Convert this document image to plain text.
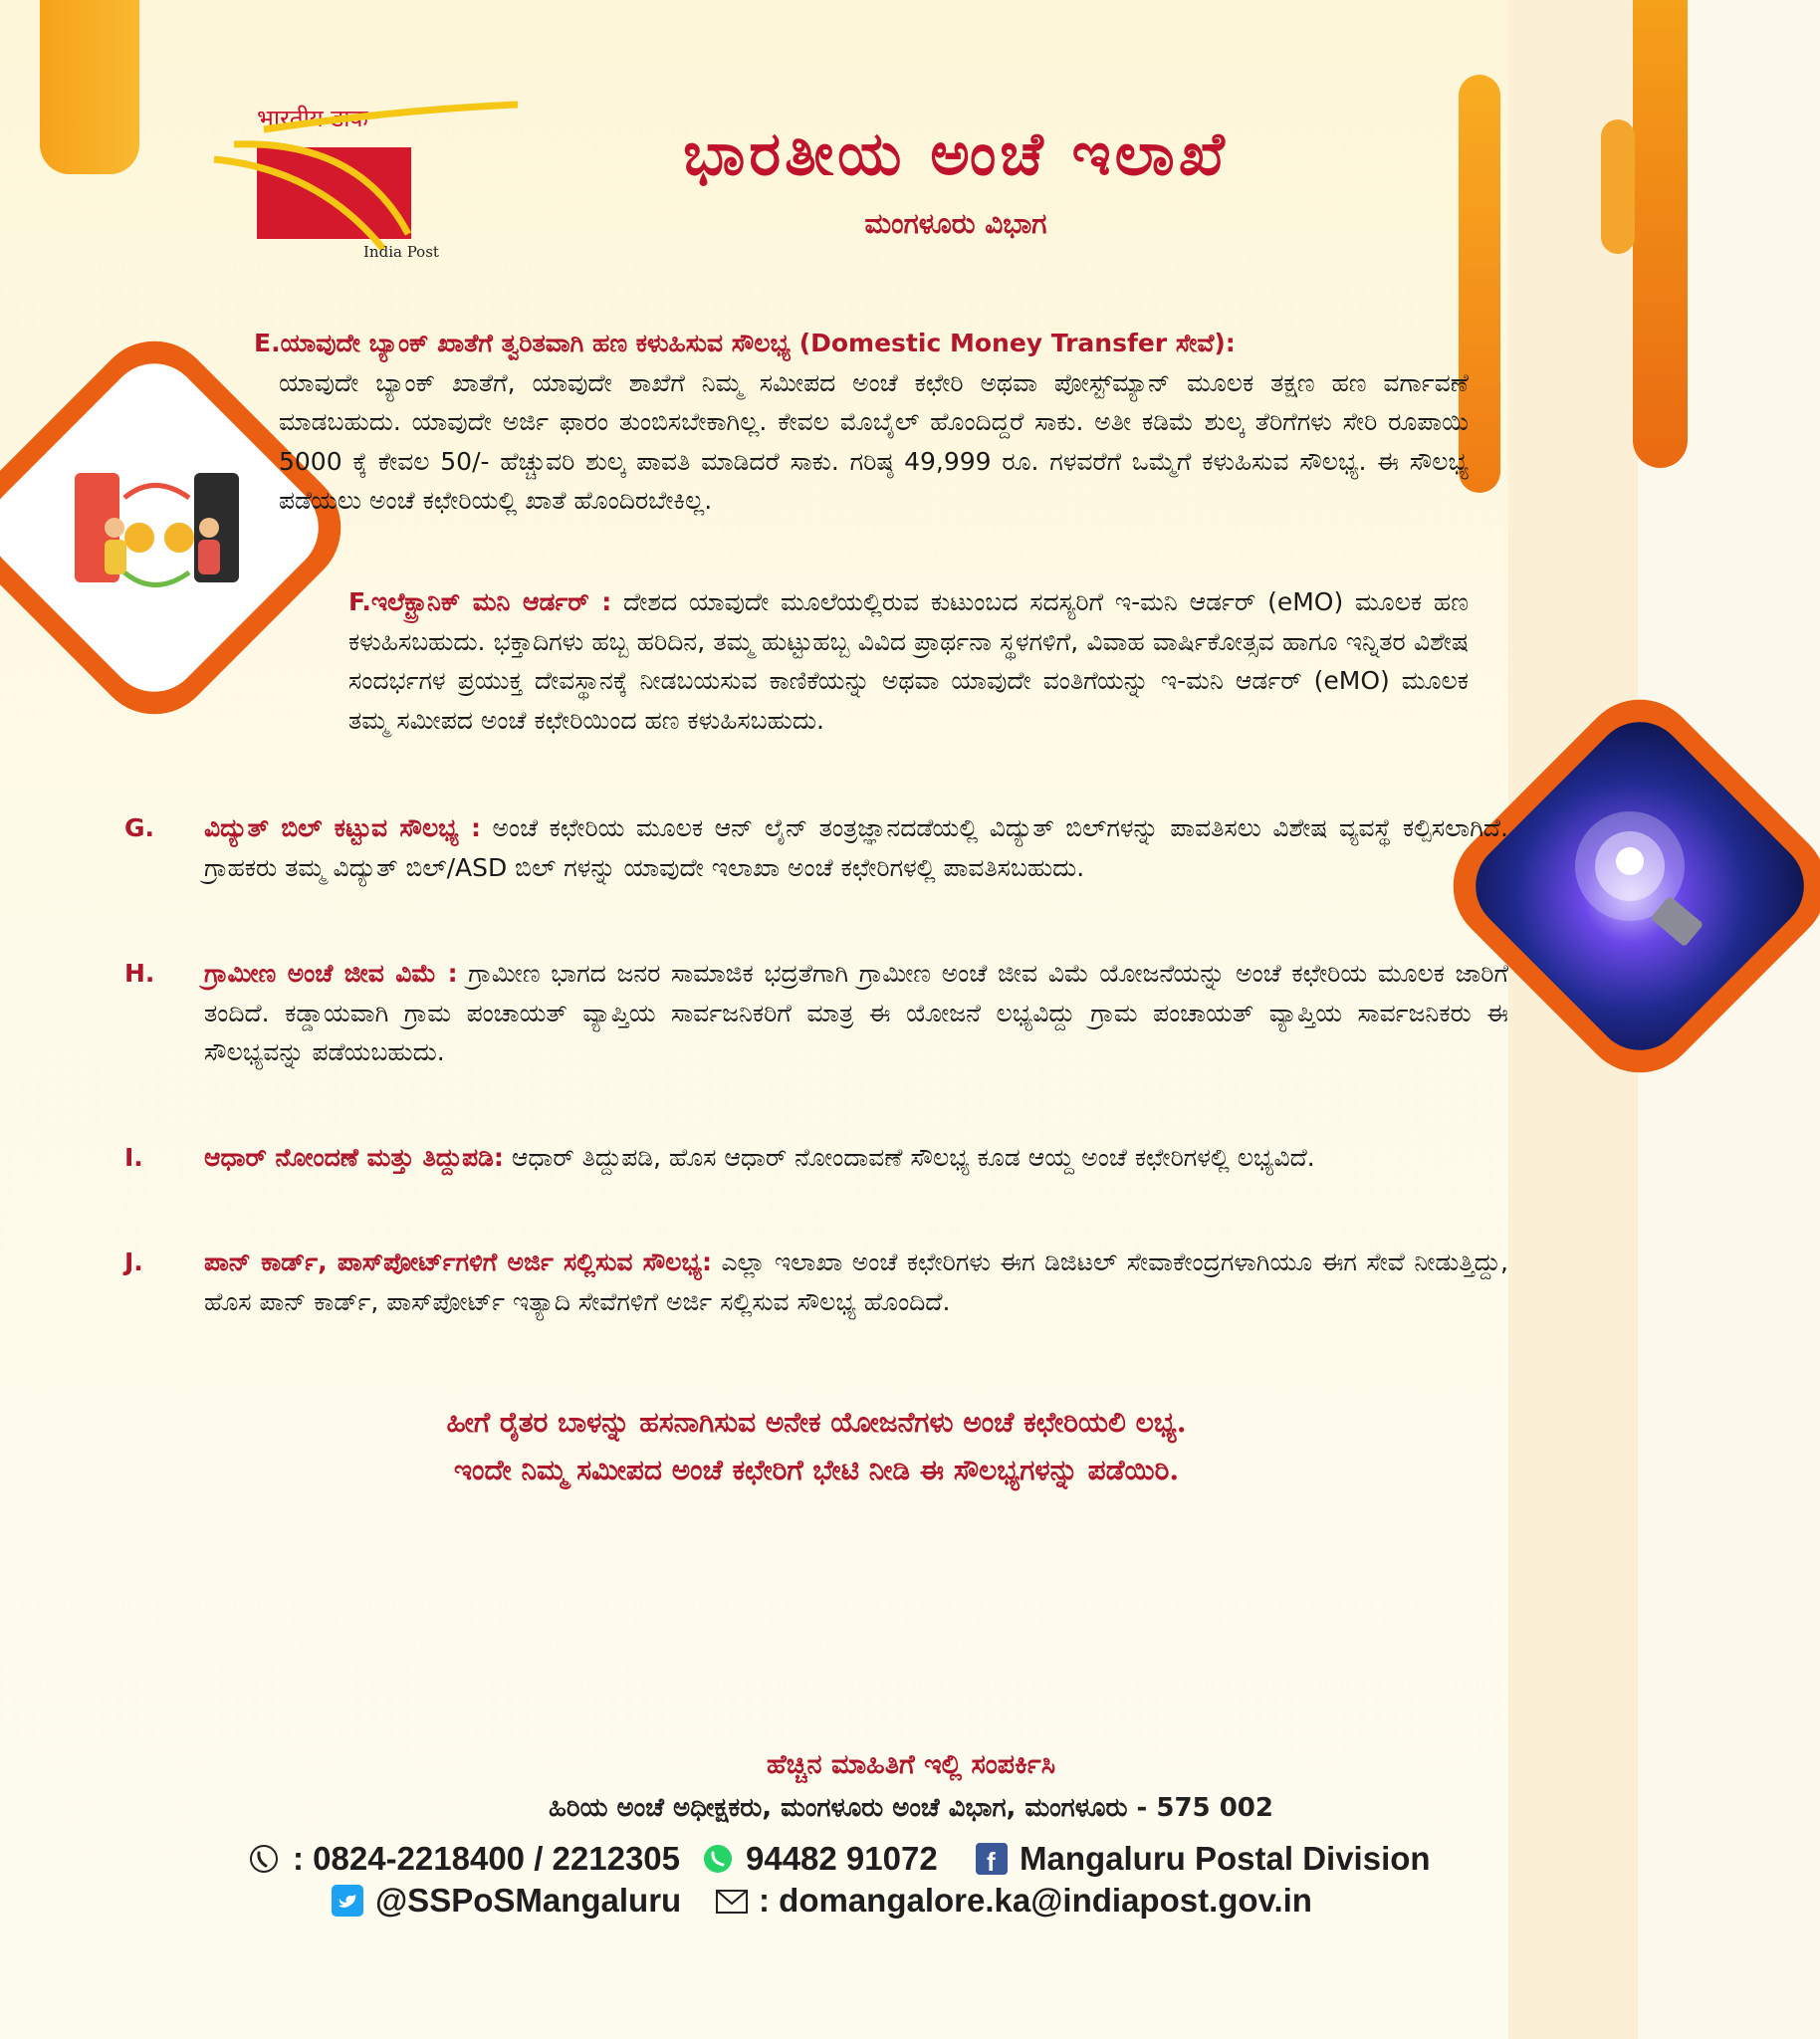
भारतीय डाक
India Post
ಭಾರತೀಯ ಅಂಚೆ ಇಲಾಖೆ
ಮಂಗಳೂರು ವಿಭಾಗ
E.ಯಾವುದೇ ಬ್ಯಾಂಕ್ ಖಾತೆಗೆ ತ್ವರಿತವಾಗಿ ಹಣ ಕಳುಹಿಸುವ ಸೌಲಭ್ಯ (Domestic Money Transfer ಸೇವೆ):
ಯಾವುದೇ ಬ್ಯಾಂಕ್ ಖಾತೆಗೆ, ಯಾವುದೇ ಶಾಖೆಗೆ ನಿಮ್ಮ ಸಮೀಪದ ಅಂಚೆ ಕಛೇರಿ ಅಥವಾ ಪೋಸ್ಟ್‌ಮ್ಯಾನ್ ಮೂಲಕ ತಕ್ಷಣ ಹಣ ವರ್ಗಾವಣೆ ಮಾಡಬಹುದು. ಯಾವುದೇ ಅರ್ಜಿ ಫಾರಂ ತುಂಬಿಸಬೇಕಾಗಿಲ್ಲ. ಕೇವಲ ಮೊಬೈಲ್ ಹೊಂದಿದ್ದರೆ ಸಾಕು. ಅತೀ ಕಡಿಮೆ ಶುಲ್ಕ ತೆರಿಗೆಗಳು ಸೇರಿ ರೂಪಾಯಿ 5000 ಕ್ಕೆ ಕೇವಲ 50/- ಹೆಚ್ಚುವರಿ ಶುಲ್ಕ ಪಾವತಿ ಮಾಡಿದರೆ ಸಾಕು. ಗರಿಷ್ಠ 49,999 ರೂ. ಗಳವರೆಗೆ ಒಮ್ಮೆಗೆ ಕಳುಹಿಸುವ ಸೌಲಭ್ಯ. ಈ ಸೌಲಭ್ಯ ಪಡೆಯಲು ಅಂಚೆ ಕಛೇರಿಯಲ್ಲಿ ಖಾತೆ ಹೊಂದಿರಬೇಕಿಲ್ಲ.
F.ಇಲೆಕ್ಟ್ರಾನಿಕ್ ಮನಿ ಆರ್ಡರ್ : ದೇಶದ ಯಾವುದೇ ಮೂಲೆಯಲ್ಲಿರುವ ಕುಟುಂಬದ ಸದಸ್ಯರಿಗೆ ಇ-ಮನಿ ಆರ್ಡರ್ (eMO) ಮೂಲಕ ಹಣ ಕಳುಹಿಸಬಹುದು. ಭಕ್ತಾದಿಗಳು ಹಬ್ಬ ಹರಿದಿನ, ತಮ್ಮ ಹುಟ್ಟುಹಬ್ಬ ವಿವಿದ ಪ್ರಾರ್ಥನಾ ಸ್ಥಳಗಳಿಗೆ, ವಿವಾಹ ವಾರ್ಷಿಕೋತ್ಸವ ಹಾಗೂ ಇನ್ನಿತರ ವಿಶೇಷ ಸಂದರ್ಭಗಳ ಪ್ರಯುಕ್ತ ದೇವಸ್ಥಾನಕ್ಕೆ ನೀಡಬಯಸುವ ಕಾಣಿಕೆಯನ್ನು ಅಥವಾ ಯಾವುದೇ ವಂತಿಗೆಯನ್ನು ಇ-ಮನಿ ಆರ್ಡರ್ (eMO) ಮೂಲಕ ತಮ್ಮ ಸಮೀಪದ ಅಂಚೆ ಕಛೇರಿಯಿಂದ ಹಣ ಕಳುಹಿಸಬಹುದು.
G. ವಿದ್ಯುತ್ ಬಿಲ್ ಕಟ್ಟುವ ಸೌಲಭ್ಯ : ಅಂಚೆ ಕಛೇರಿಯ ಮೂಲಕ ಆನ್ ಲೈನ್ ತಂತ್ರಜ್ಞಾನದಡೆಯಲ್ಲಿ ವಿದ್ಯುತ್ ಬಿಲ್‌ಗಳನ್ನು ಪಾವತಿಸಲು ವಿಶೇಷ ವ್ಯವಸ್ಥೆ ಕಲ್ಪಿಸಲಾಗಿದೆ. ಗ್ರಾಹಕರು ತಮ್ಮ ವಿದ್ಯುತ್ ಬಿಲ್/ASD ಬಿಲ್ ಗಳನ್ನು ಯಾವುದೇ ಇಲಾಖಾ ಅಂಚೆ ಕಛೇರಿಗಳಲ್ಲಿ ಪಾವತಿಸಬಹುದು.
H. ಗ್ರಾಮೀಣ ಅಂಚೆ ಜೀವ ವಿಮೆ : ಗ್ರಾಮೀಣ ಭಾಗದ ಜನರ ಸಾಮಾಜಿಕ ಭದ್ರತೆಗಾಗಿ ಗ್ರಾಮೀಣ ಅಂಚೆ ಜೀವ ವಿಮೆ ಯೋಜನೆಯನ್ನು ಅಂಚೆ ಕಛೇರಿಯ ಮೂಲಕ ಜಾರಿಗೆ ತಂದಿದೆ. ಕಡ್ಡಾಯವಾಗಿ ಗ್ರಾಮ ಪಂಚಾಯತ್ ವ್ಯಾಪ್ತಿಯ ಸಾರ್ವಜನಿಕರಿಗೆ ಮಾತ್ರ ಈ ಯೋಜನೆ ಲಭ್ಯವಿದ್ದು ಗ್ರಾಮ ಪಂಚಾಯತ್ ವ್ಯಾಪ್ತಿಯ ಸಾರ್ವಜನಿಕರು ಈ ಸೌಲಭ್ಯವನ್ನು ಪಡೆಯಬಹುದು.
I. ಆಧಾರ್ ನೋಂದಣೆ ಮತ್ತು ತಿದ್ದುಪಡಿ: ಆಧಾರ್ ತಿದ್ದುಪಡಿ, ಹೊಸ ಆಧಾರ್ ನೋಂದಾವಣೆ ಸೌಲಭ್ಯ ಕೂಡ ಆಯ್ದ ಅಂಚೆ ಕಛೇರಿಗಳಲ್ಲಿ ಲಭ್ಯವಿದೆ.
J. ಪಾನ್ ಕಾರ್ಡ್, ಪಾಸ್‌ಪೋರ್ಟ್‌ಗಳಿಗೆ ಅರ್ಜಿ ಸಲ್ಲಿಸುವ ಸೌಲಭ್ಯ: ಎಲ್ಲಾ ಇಲಾಖಾ ಅಂಚೆ ಕಛೇರಿಗಳು ಈಗ ಡಿಜಿಟಲ್ ಸೇವಾಕೇಂದ್ರಗಳಾಗಿಯೂ ಈಗ ಸೇವೆ ನೀಡುತ್ತಿದ್ದು, ಹೊಸ ಪಾನ್ ಕಾರ್ಡ್, ಪಾಸ್‌ಪೋರ್ಟ್ ಇತ್ಯಾದಿ ಸೇವೆಗಳಿಗೆ ಅರ್ಜಿ ಸಲ್ಲಿಸುವ ಸೌಲಭ್ಯ ಹೊಂದಿದೆ.
ಹೀಗೆ ರೈತರ ಬಾಳನ್ನು ಹಸನಾಗಿಸುವ ಅನೇಕ ಯೋಜನೆಗಳು ಅಂಚೆ ಕಛೇರಿಯಲಿ ಲಭ್ಯ.
ಇಂದೇ ನಿಮ್ಮ ಸಮೀಪದ ಅಂಚೆ ಕಛೇರಿಗೆ ಭೇಟಿ ನೀಡಿ ಈ ಸೌಲಭ್ಯಗಳನ್ನು ಪಡೆಯಿರಿ.
ಹೆಚ್ಚಿನ ಮಾಹಿತಿಗೆ ಇಲ್ಲಿ ಸಂಪರ್ಕಿಸಿ
ಹಿರಿಯ ಅಂಚೆ ಅಧೀಕ್ಷಕರು, ಮಂಗಳೂರು ಅಂಚೆ ವಿಭಾಗ, ಮಂಗಳೂರು - 575 002
: 0824-2218400 / 2212305 94482 91072 f Mangaluru Postal Division
@SSPoSMangaluru : domangalore.ka@indiapost.gov.in
